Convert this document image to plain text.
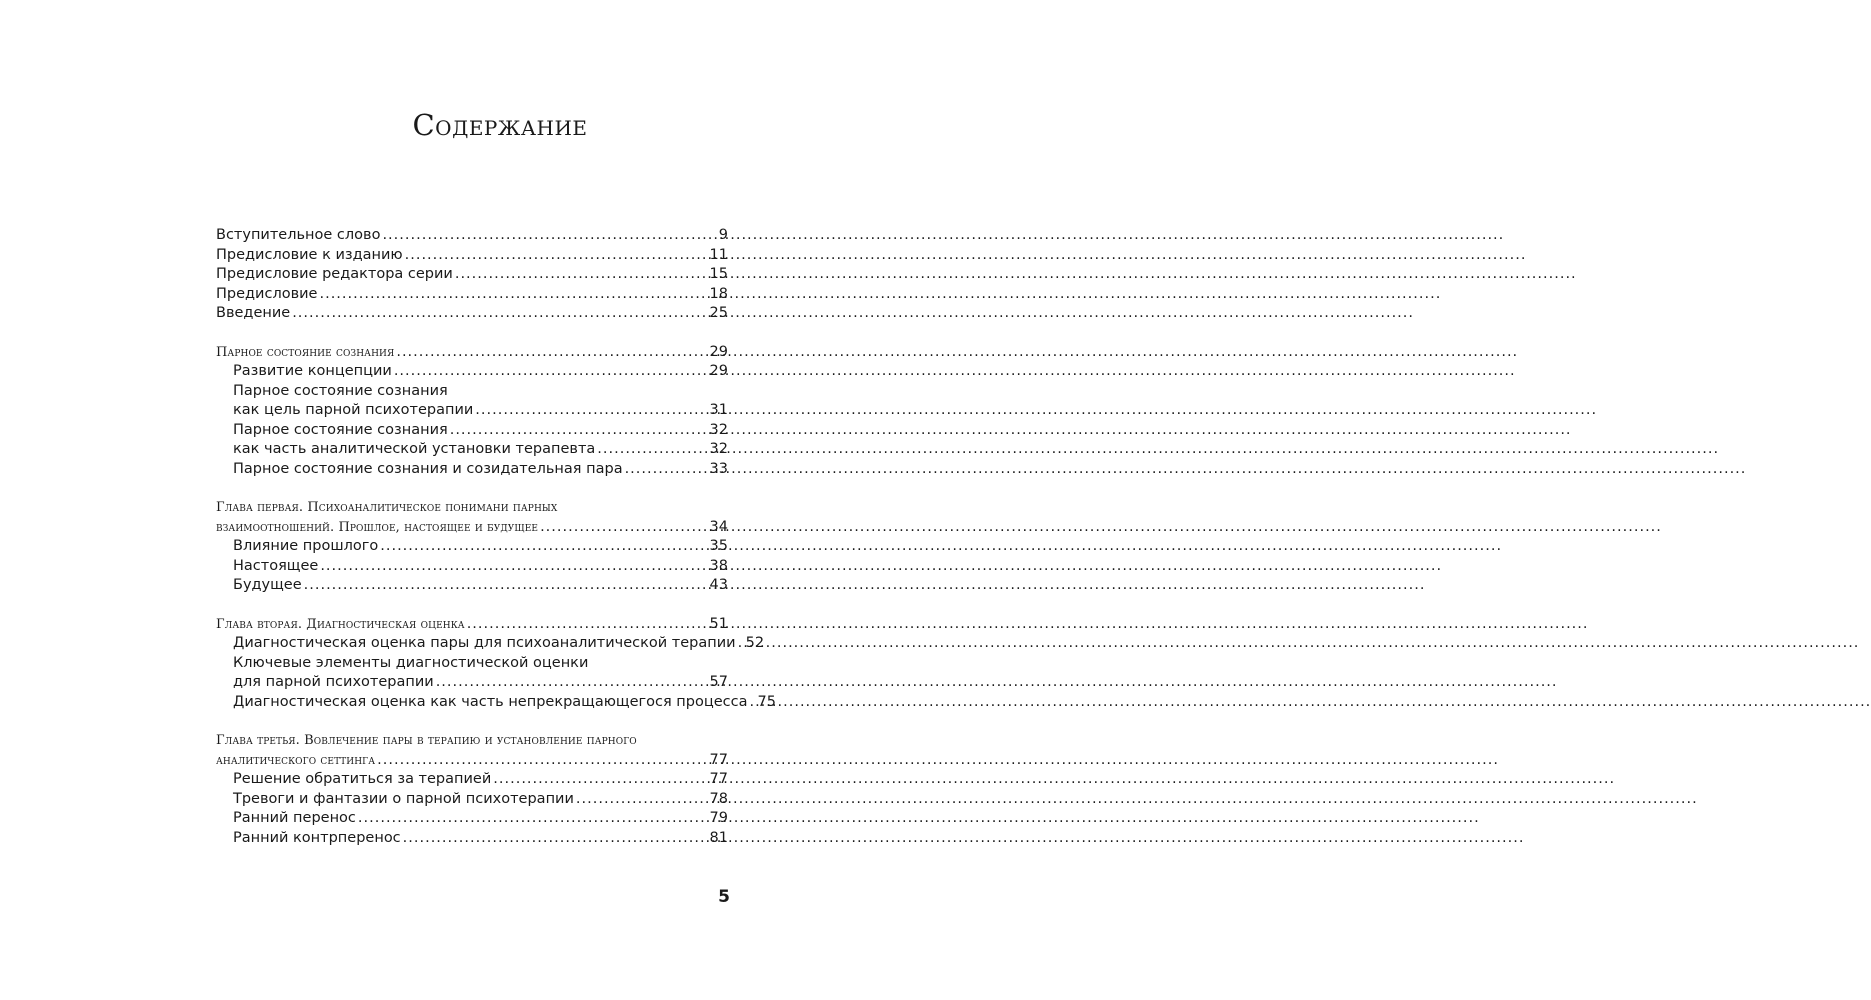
Содержание
Вступительное слово .....	9
Предисловие к изданию .....	11
Предисловие редактора серии .....	15
Предисловие .....	18
Введение .....	25
Парное состояние сознания .....	29
Развитие концепции .....	29
Парное состояние сознания
как цель парной психотерапии .....	31
Парное состояние сознания .....	32
как часть аналитической установки терапевта .....	32
Парное состояние сознания и созидательная пара .....	33
Глава первая. Психоаналитическое понимани парных
взаимоотношений. Прошлое, настоящее и будущее .....	34
Влияние прошлого .....	35
Настоящее .....	38
Будущее .....	43
Глава вторая. Диагностическая оценка .....	51
Диагностическая оценка пары для психоаналитической терапии ..... 52
Ключевые элементы диагностической оценки
для парной психотерапии .....	57
Диагностическая оценка как часть непрекращающегося процесса ..... 75
Глава третья. Вовлечение пары в терапию и установление парного
аналитического сеттинга .....	77
Решение обратиться за терапией .....	77
Тревоги и фантазии о парной психотерапии .....	78
Ранний перенос .....	79
Ранний контрперенос .....	81
5
